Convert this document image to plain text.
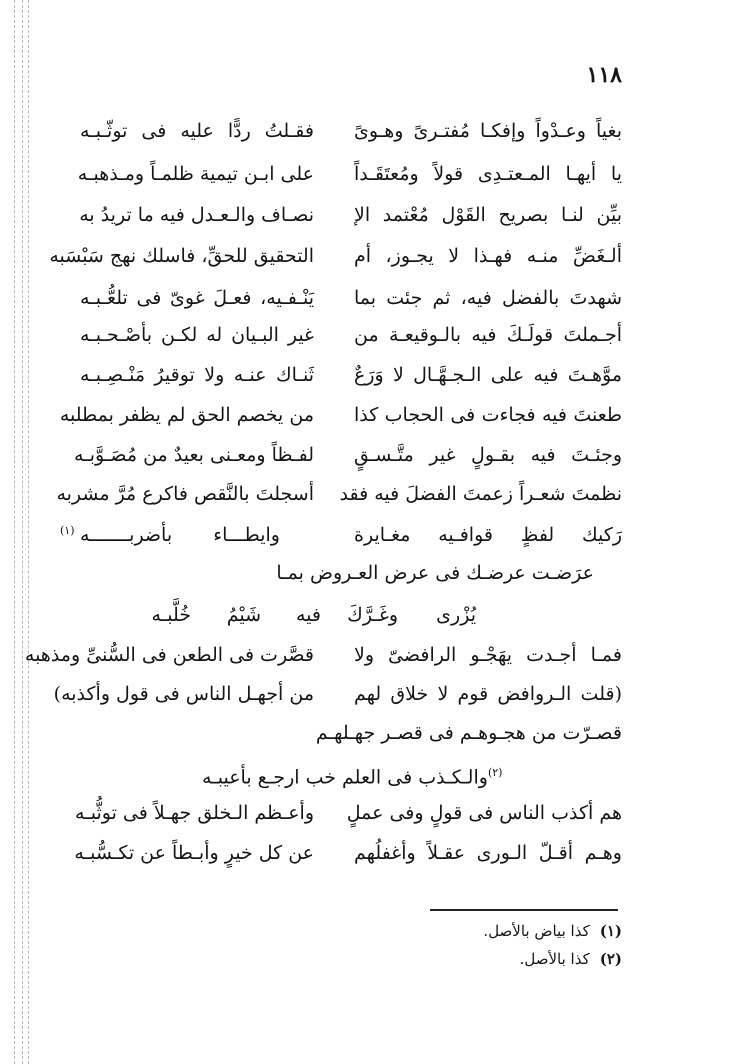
١١٨
بغياً وعـدْواً وإفكـا مُفتـرىً وهـوىً
فقـلتُ ردًّا عليه فى توثّـبـه
يا أيهـا المـعتـدِى قولاً ومُعتَقَـداً
على ابـن تيمية ظلمـاً ومـذهبـه
بيِّن لنـا بصريح القَوْل مُعْتمد الإ
نصـاف والـعـدل فيه ما تريدُ به
ألـغَضِّ منـه فهـذا لا يجـوز، أم
التحقيق للحقِّ، فاسلك نهج سَبْسَبه
شهدتَ بالفضل فيه، ثم جئت بما
يَنْـفـيه، فعـلَ غوىّ فى تلعُّـبـه
أجـملتَ قولَـكَ فيه بالـوقيعـة من
غير البـيان له لكـن بأصْـحـبـه
موَّهـتَ فيه على الـجـهَّـال لا وَرَعٌ
ثَنـاك عنـه ولا توقيرُ مَنْـصِـبـه
طعنتَ فيه فجاءت فى الحجاب كذا
من يخصم الحق لم يظفر بمطلبه
وجئـتَ فيه بقـولٍ غير متَّـسـقٍ
لفـظاً ومعـنى بعيدٌ من مُصَـوَّبـه
نظمتَ شعـراً زعمتَ الفضلَ فيه فقد
أسجلتَ بالنَّقص فاكرع مُرَّ مشربه
رَكيك لفظٍ قوافـيه مغـايرة
وايطـــاء بأضربـــــــه
(١)
عرَضـت عرضـك فى عرض العـروض بمـا
يُزْرى
وغَـرَّكَ
فيه
شَيْمُ
خُلَّبـه
فمـا أجـدت يهَجْـو الرافضىّ ولا
قصَّرت فى الطعن فى السُّنىِّ ومذهبه
(قلت الـروافض قوم لا خلاق لهم
من أجهـل الناس فى قول وأكذبه)
قصـرّت من هجـوهـم فى قصـر جهـلهـم
$^{(٢)}$والـكـذب فى العلم خب ارجـع بأعيبـه
هم أكذب الناس فى قولٍ وفى عملٍ
وأعـظم الـخلق جهـلاً فى توثُّبـه
وهـم أقـلّ الـورى عقـلاً وأغفلُهم
عن كل خيرٍ وأبـطاً عن تكـسُّبـه
(١)كذا بياض بالأصل.
(٢)كذا بالأصل.
